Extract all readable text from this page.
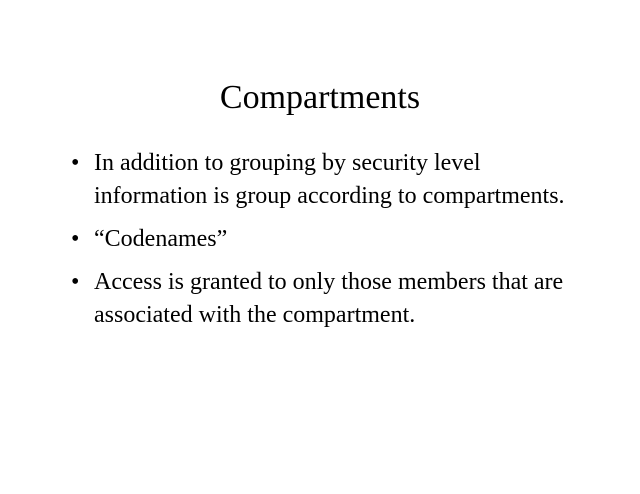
Compartments
• In addition to grouping by security level information is group according to compartments.
• “Codenames”
• Access is granted to only those members that are associated with the compartment.
